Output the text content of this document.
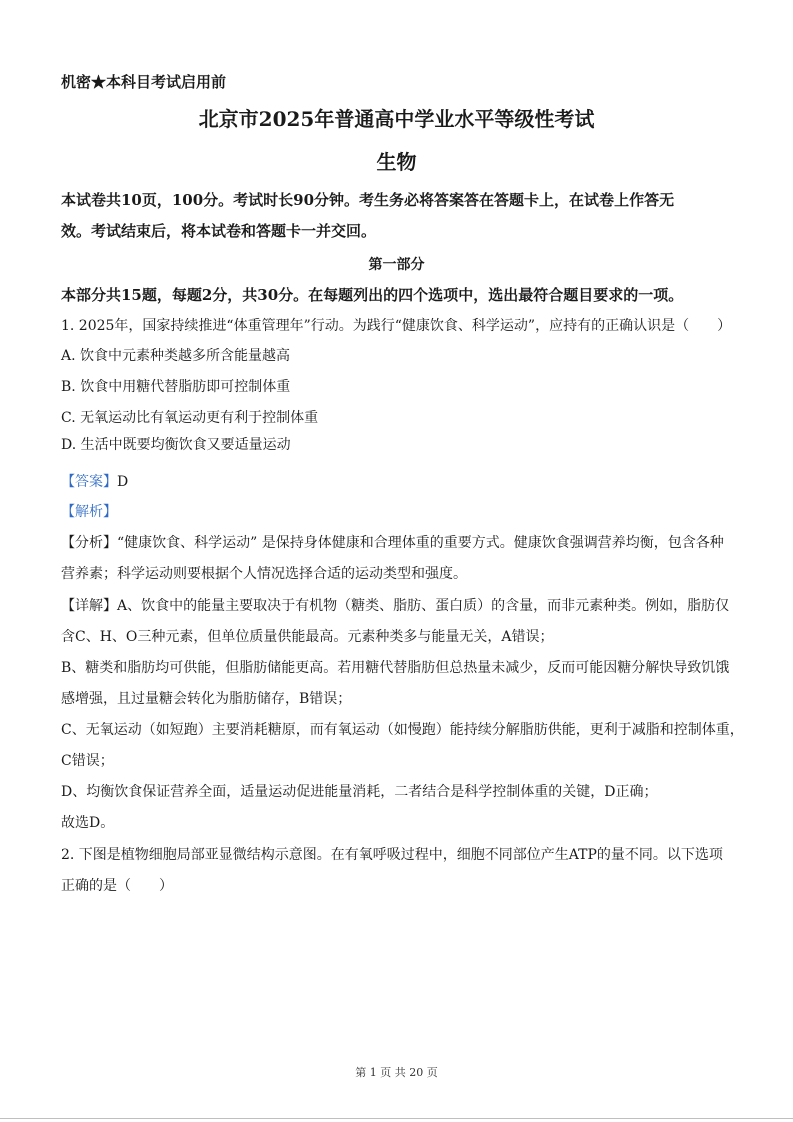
机密★本科目考试启用前
北京市2025年普通高中学业水平等级性考试
生物
本试卷共10页，100分。考试时长90分钟。考生务必将答案答在答题卡上，在试卷上作答无
效。考试结束后，将本试卷和答题卡一并交回。
第一部分
本部分共15题，每题2分，共30分。在每题列出的四个选项中，选出最符合题目要求的一项。
1. 2025年，国家持续推进“体重管理年”行动。为践行“健康饮食、科学运动”，应持有的正确认识是（　　）
A. 饮食中元素种类越多所含能量越高
B. 饮食中用糖代替脂肪即可控制体重
C. 无氧运动比有氧运动更有利于控制体重
D. 生活中既要均衡饮食又要适量运动
【答案】D
【解析】
【分析】“健康饮食、科学运动” 是保持身体健康和合理体重的重要方式。健康饮食强调营养均衡，包含各种
营养素；科学运动则要根据个人情况选择合适的运动类型和强度。
【详解】A、饮食中的能量主要取决于有机物（糖类、脂肪、蛋白质）的含量，而非元素种类。例如，脂肪仅
含C、H、O三种元素，但单位质量供能最高。元素种类多与能量无关，A错误；
B、糖类和脂肪均可供能，但脂肪储能更高。若用糖代替脂肪但总热量未减少，反而可能因糖分解快导致饥饿
感增强，且过量糖会转化为脂肪储存，B错误；
C、无氧运动（如短跑）主要消耗糖原，而有氧运动（如慢跑）能持续分解脂肪供能，更利于减脂和控制体重，
C错误；
D、均衡饮食保证营养全面，适量运动促进能量消耗，二者结合是科学控制体重的关键，D正确；
故选D。
2. 下图是植物细胞局部亚显微结构示意图。在有氧呼吸过程中，细胞不同部位产生ATP的量不同。以下选项
正确的是（　　）
第 1 页 共 20 页
